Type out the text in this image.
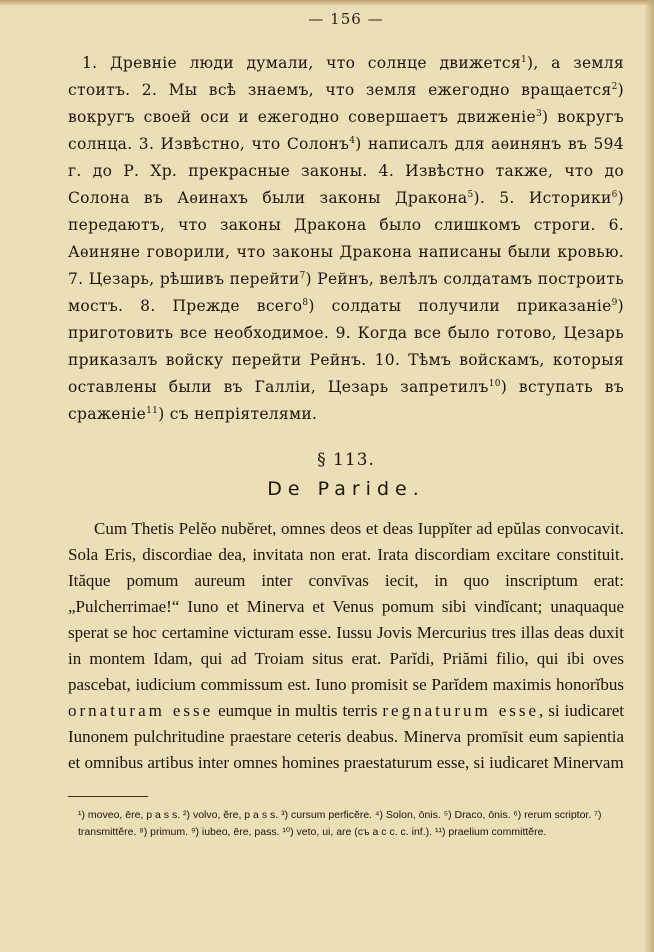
— 156 —

1. Древніе люди думали, что солнце движется$^1$), а земля стоитъ. 2. Мы всѣ знаемъ, что земля ежегодно вращается$^2$) вокругъ своей оси и ежегодно совершаетъ движеніе$^3$) вокругъ солнца. 3. Извѣстно, что Солонъ$^4$) написалъ для аѳинянъ въ 594 г. до Р. Хр. прекрасные законы. 4. Извѣстно также, что до Солона въ Аѳинахъ были законы Дракона$^5$). 5. Историки$^6$) передаютъ, что законы Дракона было слишкомъ строги. 6. Аѳиняне говорили, что законы Дракона написаны были кровью. 7. Цезарь, рѣшивъ перейти$^7$) Рейнъ, велѣлъ солдатамъ построить мостъ. 8. Прежде всего$^8$) солдаты получили приказаніе$^9$) приготовить все необходимое. 9. Когда все было готово, Цезарь приказалъ войску перейти Рейнъ. 10. Тѣмъ войскамъ, которыя оставлены были въ Галліи, Цезарь запретилъ$^{10}$) вступать въ сраженіе$^{11}$) съ непріятелями.

§ 113.
De Paride.

Cum Thetis Pelĕo nubĕret, omnes deos et deas Iuppĭter ad epŭlas convocavit. Sola Eris, discordiae dea, invitata non erat. Irata discordiam excitare constituit. Ităque pomum aureum inter convīvas iecit, in quo inscriptum erat: „Pulcherrimae!“ Iuno et Minerva et Venus pomum sibi vindĭcant; unaquaque sperat se hoc certamine victuram esse. Iussu Jovis Mercurius tres illas deas duxit in montem Idam, qui ad Troiam situs erat. Parĭdi, Priămi filio, qui ibi oves pascebat, iudicium commissum est. Iuno promisit se Parĭdem maximis honorĭbus ornaturam esse eumque in multis terris regnaturum esse, si iudicaret Iunonem pulchritudine praestare ceteris deabus. Minerva promīsit eum sapientia et omnibus artibus inter omnes homines praestaturum esse, si iudicaret Minervam

¹) moveo, ēre, p a s s. ²) volvo, ĕre, p a s s. ³) cursum perficĕre. ⁴) Solon, ōnis. ⁵) Draco, ōnis. ⁶) rerum scriptor. ⁷) transmittĕre. ⁸) primum. ⁹) iubeo, ēre, pass. ¹⁰) veto, ui, are (съ a c c. c. inf.). ¹¹) praelium committĕre.
